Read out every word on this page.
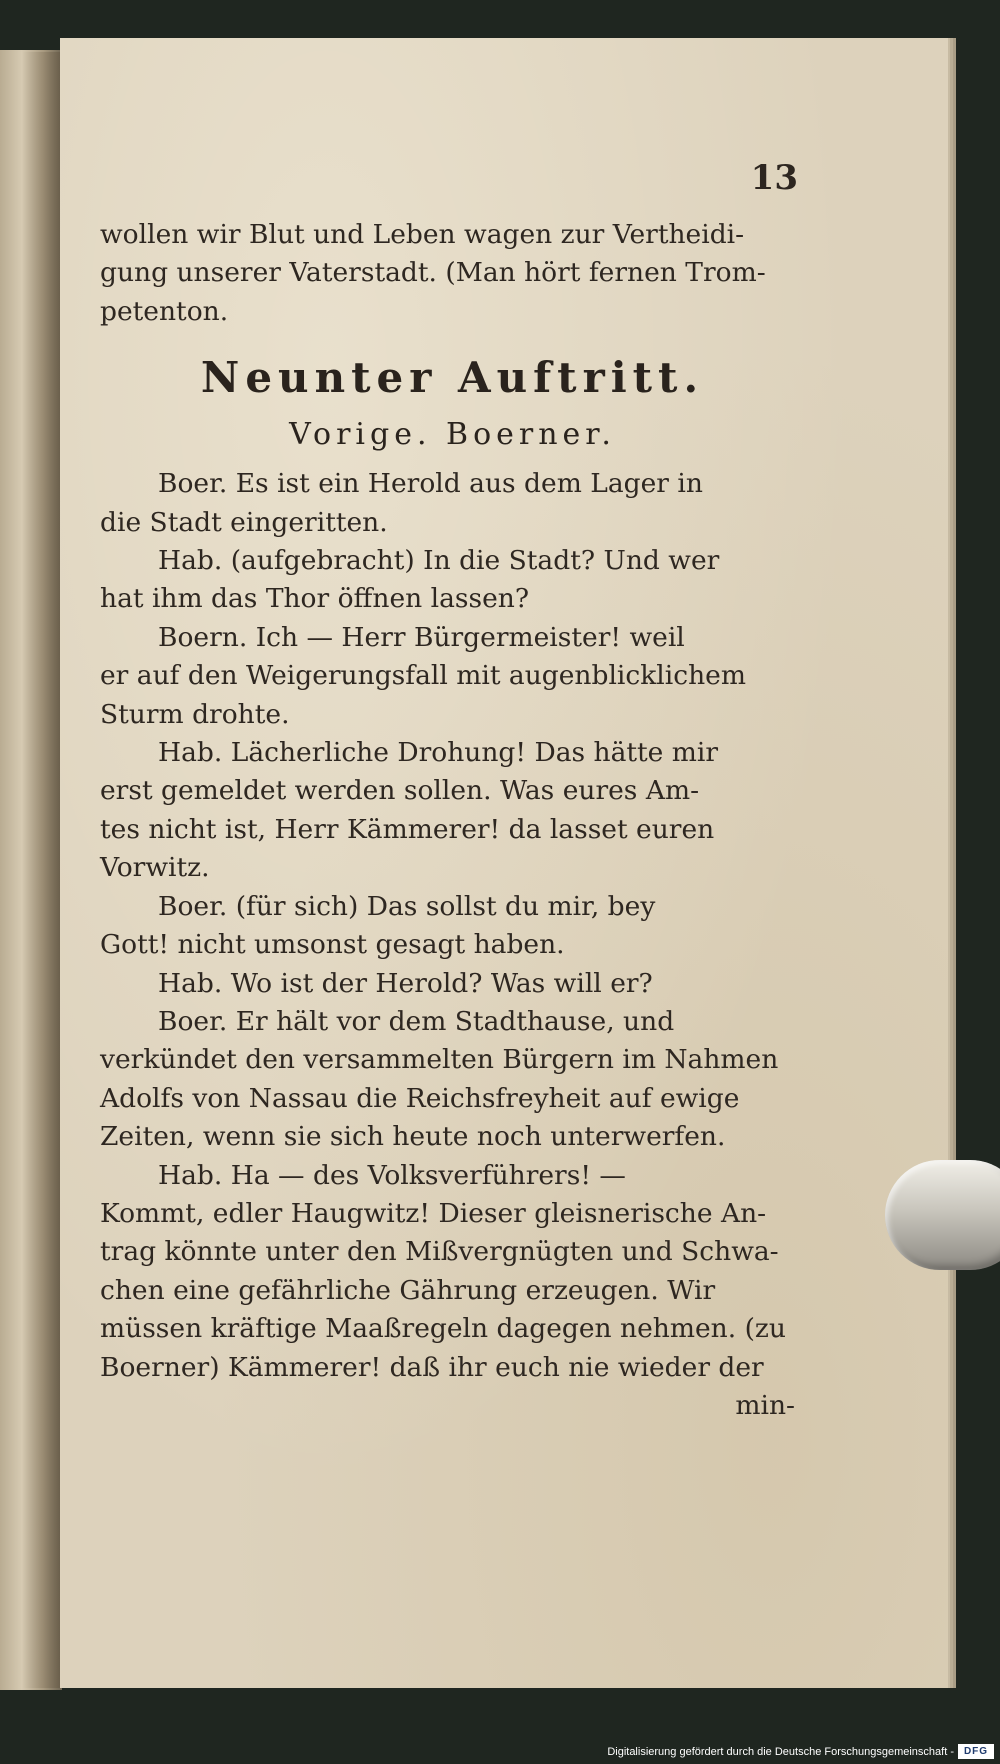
13
wollen wir Blut und Leben wagen zur Vertheidi-
gung unserer Vaterstadt. (Man hört fernen Trom-
petenton.
Neunter Auftritt.
Vorige. Boerner.
Boer. Es ist ein Herold aus dem Lager in
die Stadt eingeritten.
Hab. (aufgebracht) In die Stadt? Und wer
hat ihm das Thor öffnen lassen?
Boern. Ich — Herr Bürgermeister! weil
er auf den Weigerungsfall mit augenblicklichem
Sturm drohte.
Hab. Lächerliche Drohung! Das hätte mir
erst gemeldet werden sollen. Was eures Am-
tes nicht ist, Herr Kämmerer! da lasset euren
Vorwitz.
Boer. (für sich) Das sollst du mir, bey
Gott! nicht umsonst gesagt haben.
Hab. Wo ist der Herold? Was will er?
Boer. Er hält vor dem Stadthause, und
verkündet den versammelten Bürgern im Nahmen
Adolfs von Nassau die Reichsfreyheit auf ewige
Zeiten, wenn sie sich heute noch unterwerfen.
Hab. Ha — des Volksverführers! —
Kommt, edler Haugwitz! Dieser gleisnerische An-
trag könnte unter den Mißvergnügten und Schwa-
chen eine gefährliche Gährung erzeugen. Wir
müssen kräftige Maaßregeln dagegen nehmen. (zu
Boerner) Kämmerer! daß ihr euch nie wieder der
min-
Digitalisierung gefördert durch die Deutsche Forschungsgemeinschaft - DFG
